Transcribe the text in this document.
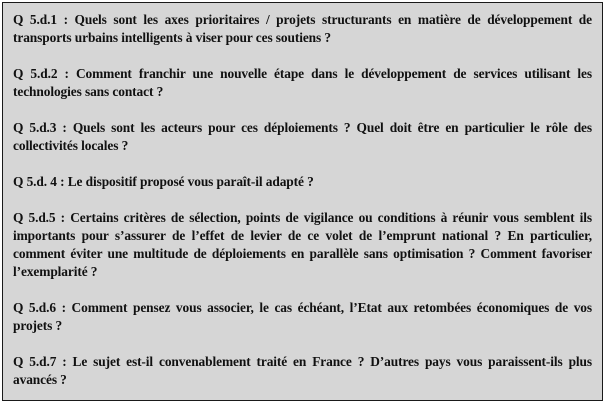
Q 5.d.1 : Quels sont les axes prioritaires / projets structurants en matière de développement de transports urbains intelligents à viser pour ces soutiens ?

Q 5.d.2 : Comment franchir une nouvelle étape dans le développement de services utilisant les technologies sans contact ?

Q 5.d.3 : Quels sont les acteurs pour ces déploiements ? Quel doit être en particulier le rôle des collectivités locales ?

Q 5.d. 4 : Le dispositif proposé vous paraît-il adapté ?

Q 5.d.5 : Certains critères de sélection, points de vigilance ou conditions à réunir vous semblent ils importants pour s’assurer de l’effet de levier de ce volet de l’emprunt national ? En particulier, comment éviter une multitude de déploiements en parallèle sans optimisation ? Comment favoriser l’exemplarité ?

Q 5.d.6 : Comment pensez vous associer, le cas échéant, l’Etat aux retombées économiques de vos projets ?

Q 5.d.7 : Le sujet est-il convenablement traité en France ? D’autres pays vous paraissent-ils plus avancés ?
